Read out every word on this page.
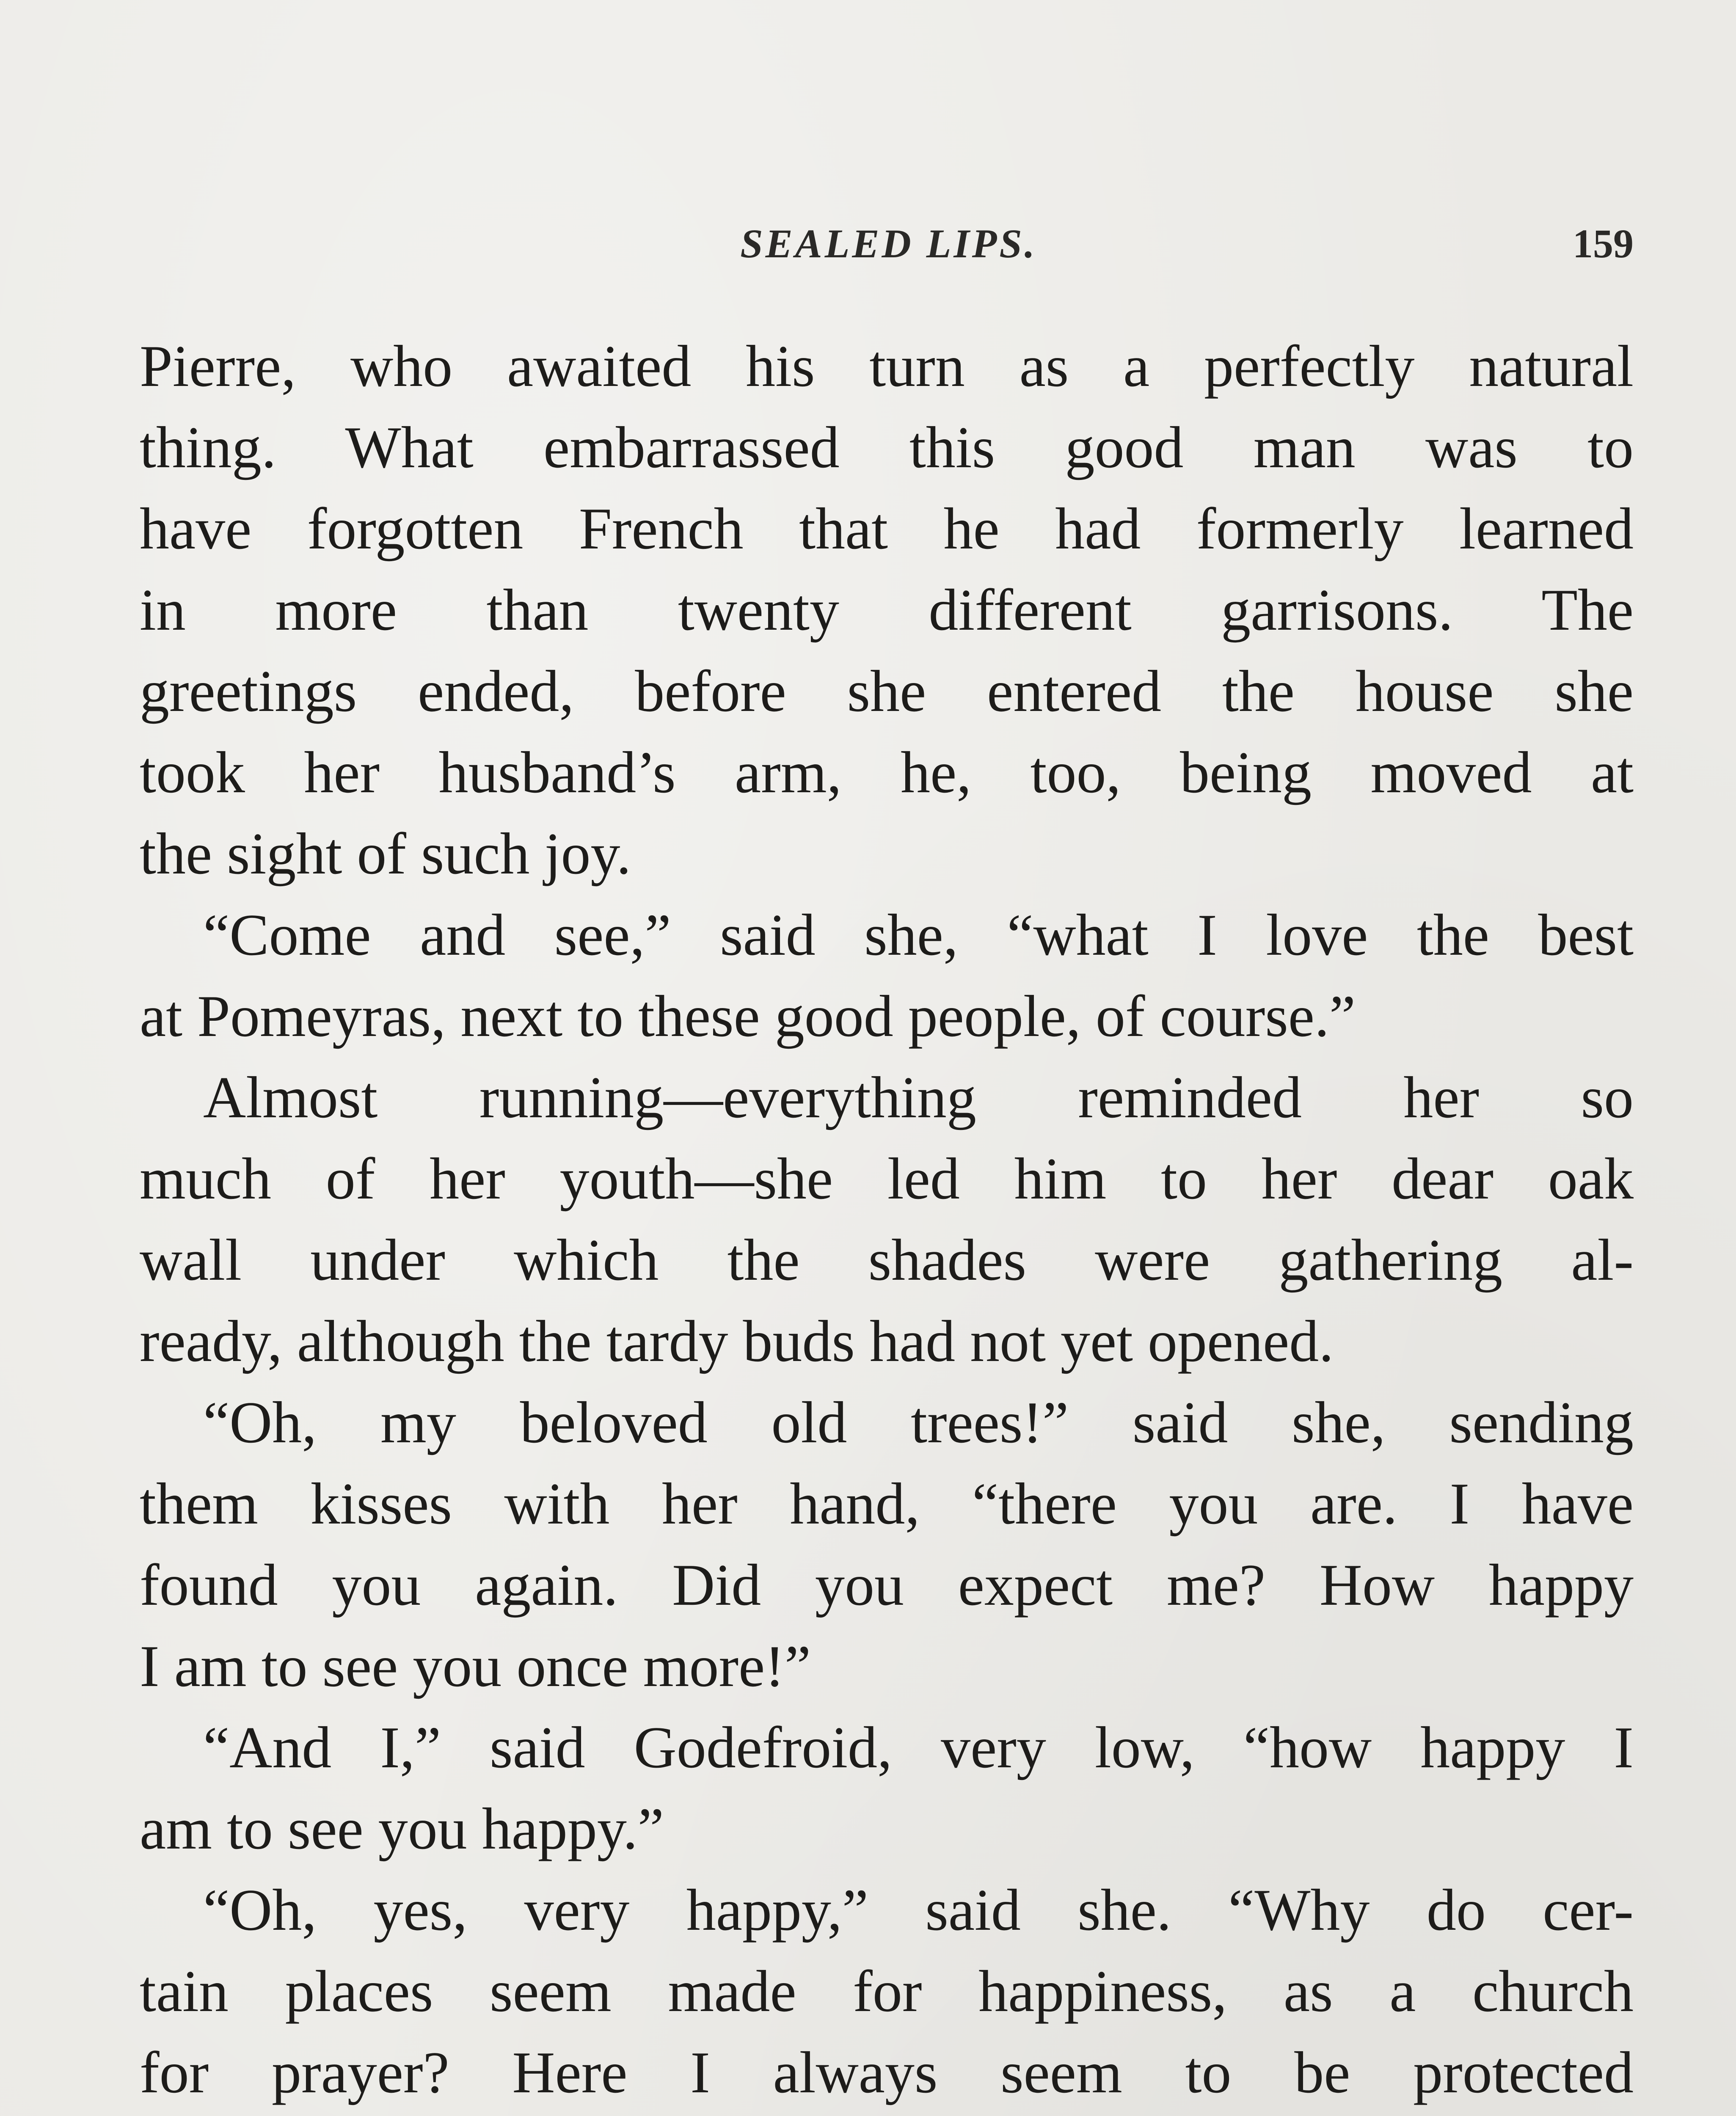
SEALED LIPS.	159
Pierre, who awaited his turn as a perfectly natural
thing. What embarrassed this good man was to
have forgotten French that he had formerly learned
in more than twenty different garrisons. The
greetings ended, before she entered the house she
took her husband’s arm, he, too, being moved at
the sight of such joy.
“Come and see,” said she, “what I love the best
at Pomeyras, next to these good people, of course.”
Almost running—everything reminded her so
much of her youth—she led him to her dear oak
wall under which the shades were gathering al-
ready, although the tardy buds had not yet opened.
“Oh, my beloved old trees!” said she, sending
them kisses with her hand, “there you are. I have
found you again. Did you expect me? How happy
I am to see you once more!”
“And I,” said Godefroid, very low, “how happy I
am to see you happy.”
“Oh, yes, very happy,” said she. “Why do cer-
tain places seem made for happiness, as a church
for prayer? Here I always seem to be protected
